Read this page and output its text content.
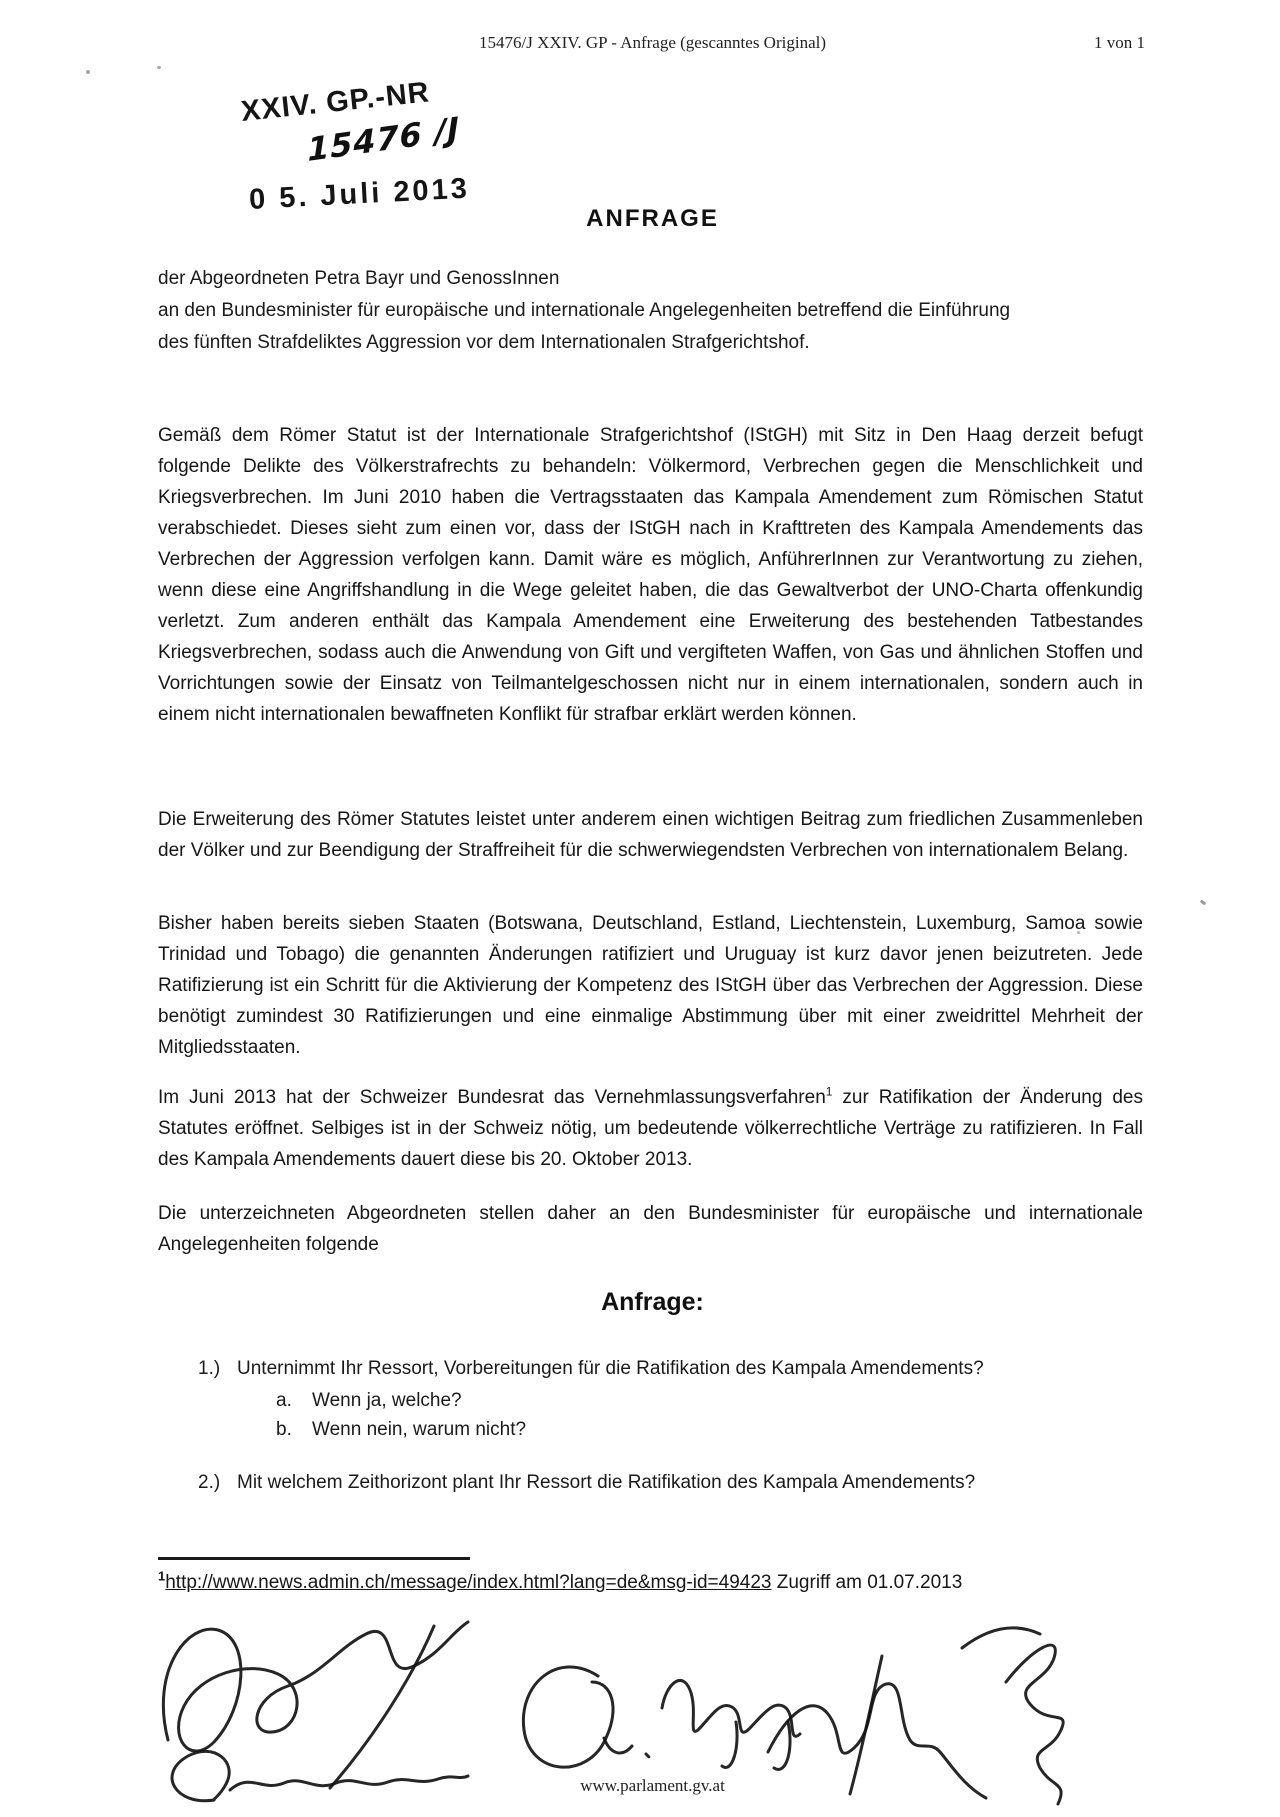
15476/J XXIV. GP - Anfrage (gescanntes Original)	1 von 1
XXIV. GP.-NR
15476 /J
0 5. Juli 2013
ANFRAGE
der Abgeordneten Petra Bayr und GenossInnen
an den Bundesminister für europäische und internationale Angelegenheiten betreffend die Einführung
des fünften Strafdeliktes Aggression vor dem Internationalen Strafgerichtshof.

Gemäß dem Römer Statut ist der Internationale Strafgerichtshof (IStGH) mit Sitz in Den Haag derzeit befugt folgende Delikte des Völkerstrafrechts zu behandeln: Völkermord, Verbrechen gegen die Menschlichkeit und Kriegsverbrechen. Im Juni 2010 haben die Vertragsstaaten das Kampala Amendement zum Römischen Statut verabschiedet. Dieses sieht zum einen vor, dass der IStGH nach in Krafttreten des Kampala Amendements das Verbrechen der Aggression verfolgen kann. Damit wäre es möglich, AnführerInnen zur Verantwortung zu ziehen, wenn diese eine Angriffshandlung in die Wege geleitet haben, die das Gewaltverbot der UNO-Charta offenkundig verletzt. Zum anderen enthält das Kampala Amendement eine Erweiterung des bestehenden Tatbestandes Kriegsverbrechen, sodass auch die Anwendung von Gift und vergifteten Waffen, von Gas und ähnlichen Stoffen und Vorrichtungen sowie der Einsatz von Teilmantelgeschossen nicht nur in einem internationalen, sondern auch in einem nicht internationalen bewaffneten Konflikt für strafbar erklärt werden können.

Die Erweiterung des Römer Statutes leistet unter anderem einen wichtigen Beitrag zum friedlichen Zusammenleben der Völker und zur Beendigung der Straffreiheit für die schwerwiegendsten Verbrechen von internationalem Belang.

Bisher haben bereits sieben Staaten (Botswana, Deutschland, Estland, Liechtenstein, Luxemburg, Samoa sowie Trinidad und Tobago) die genannten Änderungen ratifiziert und Uruguay ist kurz davor jenen beizutreten. Jede Ratifizierung ist ein Schritt für die Aktivierung der Kompetenz des IStGH über das Verbrechen der Aggression. Diese benötigt zumindest 30 Ratifizierungen und eine einmalige Abstimmung über mit einer zweidrittel Mehrheit der Mitgliedsstaaten.

Im Juni 2013 hat der Schweizer Bundesrat das Vernehmlassungsverfahren$^1$ zur Ratifikation der Änderung des Statutes eröffnet. Selbiges ist in der Schweiz nötig, um bedeutende völkerrechtliche Verträge zu ratifizieren. In Fall des Kampala Amendements dauert diese bis 20. Oktober 2013.

Die unterzeichneten Abgeordneten stellen daher an den Bundesminister für europäische und internationale Angelegenheiten folgende

Anfrage:
1.) Unternimmt Ihr Ressort, Vorbereitungen für die Ratifikation des Kampala Amendements?
a. Wenn ja, welche?
b. Wenn nein, warum nicht?
2.) Mit welchem Zeithorizont plant Ihr Ressort die Ratifikation des Kampala Amendements?
$^1$http://www.news.admin.ch/message/index.html?lang=de&msg-id=49423 Zugriff am 01.07.2013
www.parlament.gv.at
